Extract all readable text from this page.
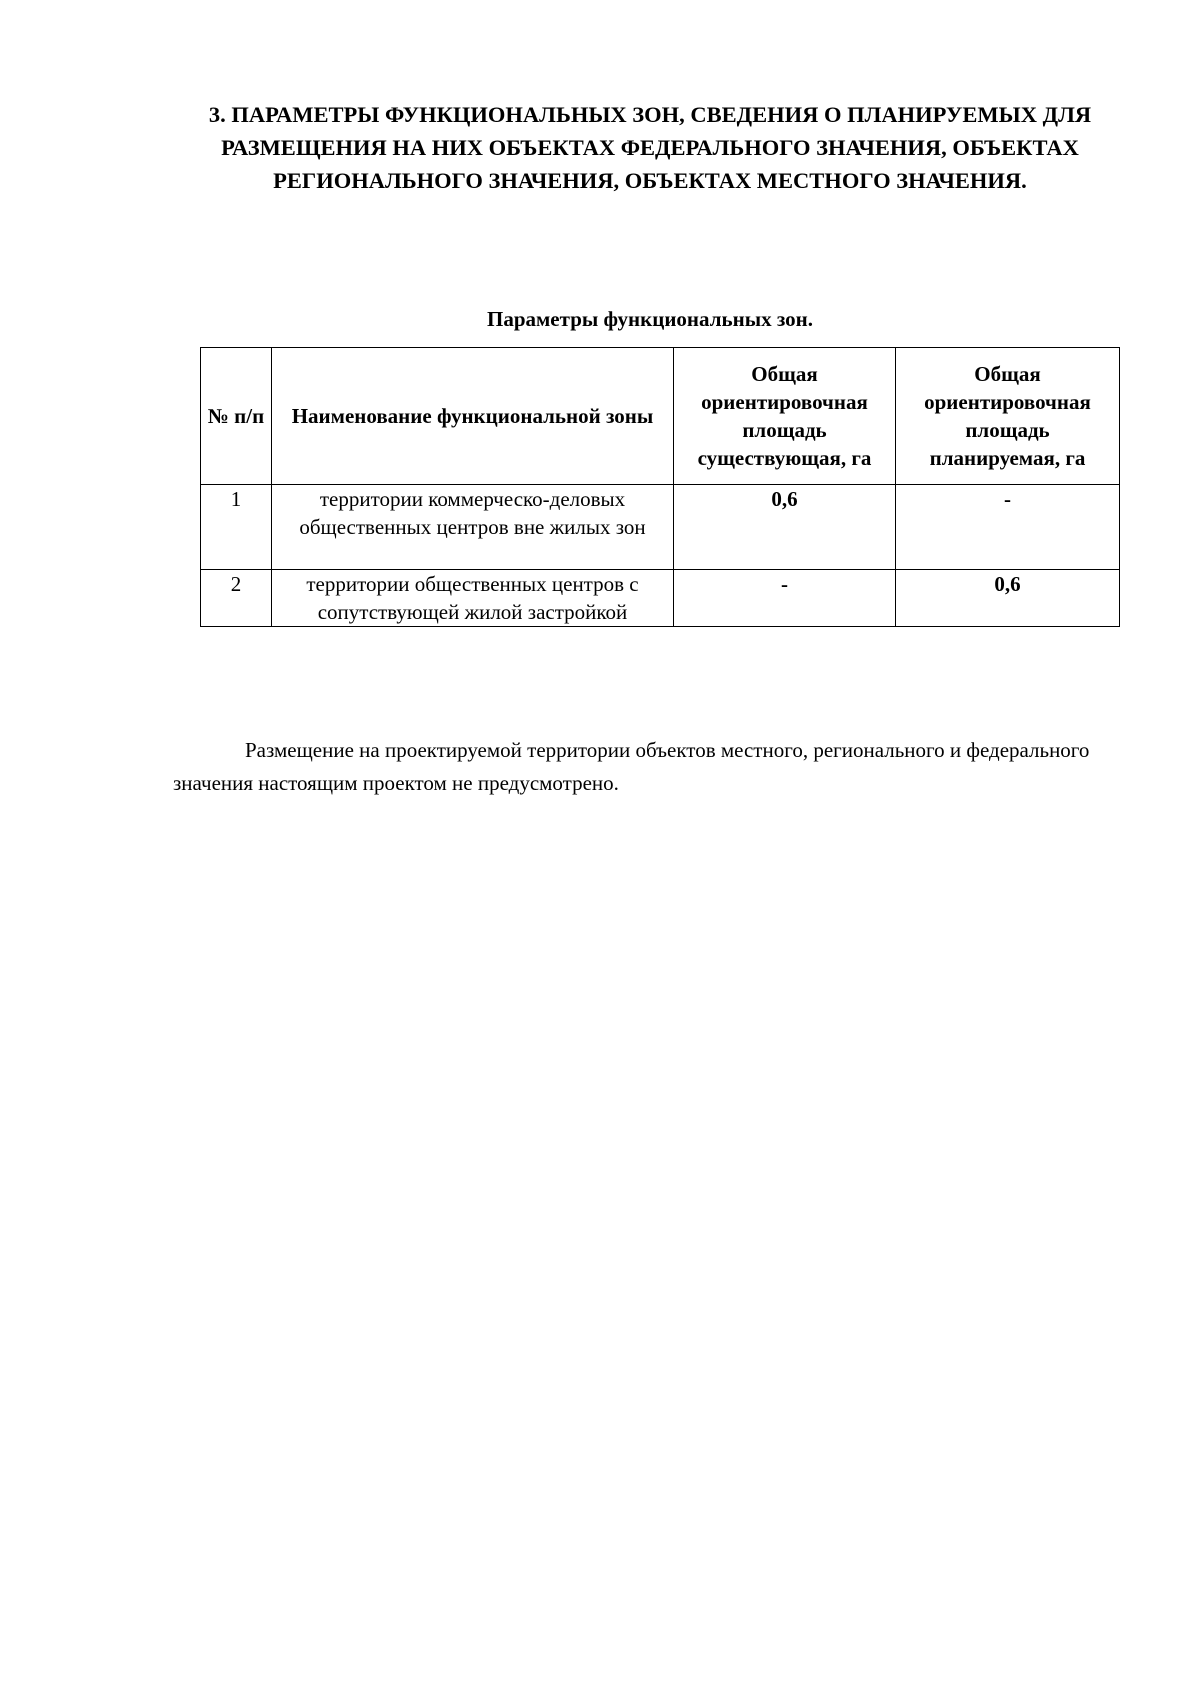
3. ПАРАМЕТРЫ ФУНКЦИОНАЛЬНЫХ ЗОН, СВЕДЕНИЯ О ПЛАНИРУЕМЫХ ДЛЯ РАЗМЕЩЕНИЯ НА НИХ ОБЪЕКТАХ ФЕДЕРАЛЬНОГО ЗНАЧЕНИЯ, ОБЪЕКТАХ РЕГИОНАЛЬНОГО ЗНАЧЕНИЯ, ОБЪЕКТАХ МЕСТНОГО ЗНАЧЕНИЯ.

Параметры функциональных зон.

№ п/п	Наименование функциональной зоны	Общая ориентировочная площадь существующая, га	Общая ориентировочная площадь планируемая, га
1	территории коммерческо-деловых общественных центров вне жилых зон	0,6	-
2	территории общественных центров с сопутствующей жилой застройкой	-	0,6

Размещение на проектируемой территории объектов местного, регионального и федерального значения настоящим проектом не предусмотрено.
